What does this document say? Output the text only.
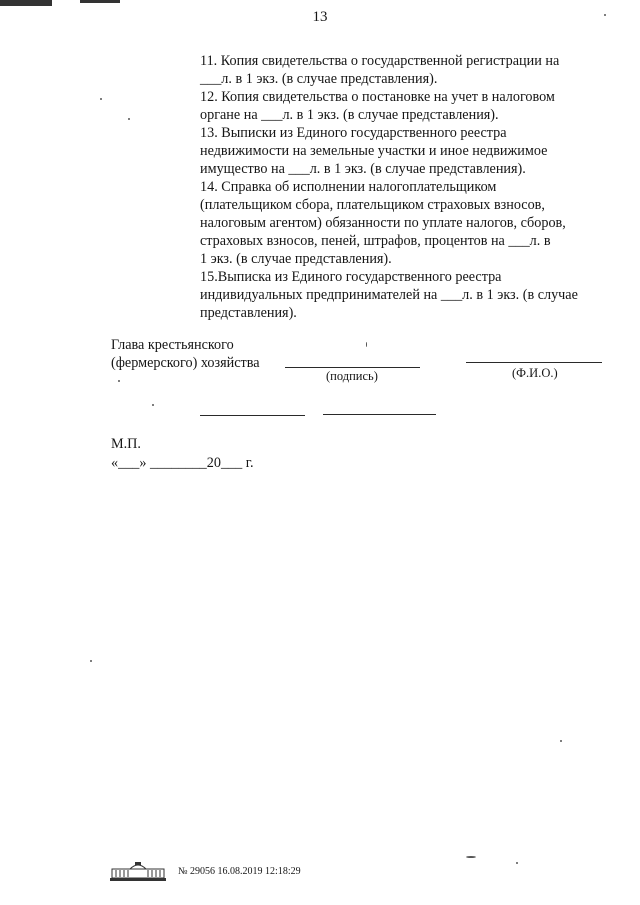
13
11. Копия свидетельства о государственной регистрации на
___л. в 1 экз. (в случае представления).
12. Копия свидетельства о постановке на учет в налоговом
органе на ___л. в 1 экз. (в случае представления).
13. Выписки из Единого государственного реестра
недвижимости на земельные участки и иное недвижимое
имущество на ___л. в 1 экз. (в случае представления).
14. Справка об исполнении налогоплательщиком
(плательщиком сбора, плательщиком страховых взносов,
налоговым агентом) обязанности по уплате налогов, сборов,
страховых взносов, пеней, штрафов, процентов на ___л. в
1 экз. (в случае представления).
15.Выписка из Единого государственного реестра
индивидуальных предпринимателей на ___л. в 1 экз. (в случае
представления).
Глава крестьянского
(фермерского) хозяйства
(подпись)	(Ф.И.О.)
М.П.
«___» ________20___ г.
№ 29056 16.08.2019 12:18:29
